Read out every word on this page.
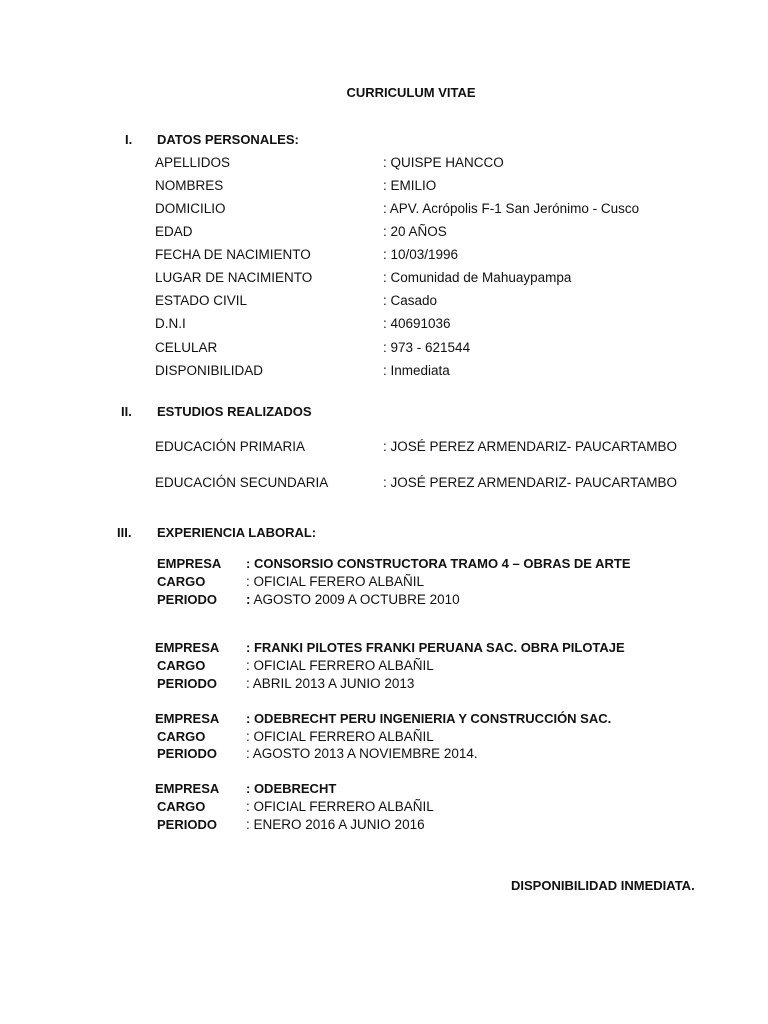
CURRICULUM VITAE
I. DATOS PERSONALES:
APELLIDOS	: QUISPE HANCCO
NOMBRES	: EMILIO
DOMICILIO	: APV. Acrópolis F-1 San Jerónimo - Cusco
EDAD	: 20 AÑOS
FECHA DE NACIMIENTO	: 10/03/1996
LUGAR DE NACIMIENTO	: Comunidad de Mahuaypampa
ESTADO CIVIL	: Casado
D.N.I	: 40691036
CELULAR	: 973 - 621544
DISPONIBILIDAD	: Inmediata
II. ESTUDIOS REALIZADOS
EDUCACIÓN PRIMARIA	: JOSÉ PEREZ ARMENDARIZ- PAUCARTAMBO
EDUCACIÓN SECUNDARIA	: JOSÉ PEREZ ARMENDARIZ- PAUCARTAMBO
III. EXPERIENCIA LABORAL:
EMPRESA : CONSORSIO CONSTRUCTORA TRAMO 4 – OBRAS DE ARTE
CARGO	: OFICIAL FERERO ALBAÑIL
PERIODO : AGOSTO 2009 A OCTUBRE 2010
EMPRESA : FRANKI PILOTES FRANKI PERUANA SAC. OBRA PILOTAJE
CARGO	: OFICIAL FERRERO ALBAÑIL
PERIODO : ABRIL 2013 A JUNIO 2013
EMPRESA : ODEBRECHT PERU INGENIERIA Y CONSTRUCCIÓN SAC.
CARGO	: OFICIAL FERRERO ALBAÑIL
PERIODO : AGOSTO 2013 A NOVIEMBRE 2014.
EMPRESA : ODEBRECHT
CARGO	: OFICIAL FERRERO ALBAÑIL
PERIODO : ENERO 2016 A JUNIO 2016
DISPONIBILIDAD INMEDIATA.
